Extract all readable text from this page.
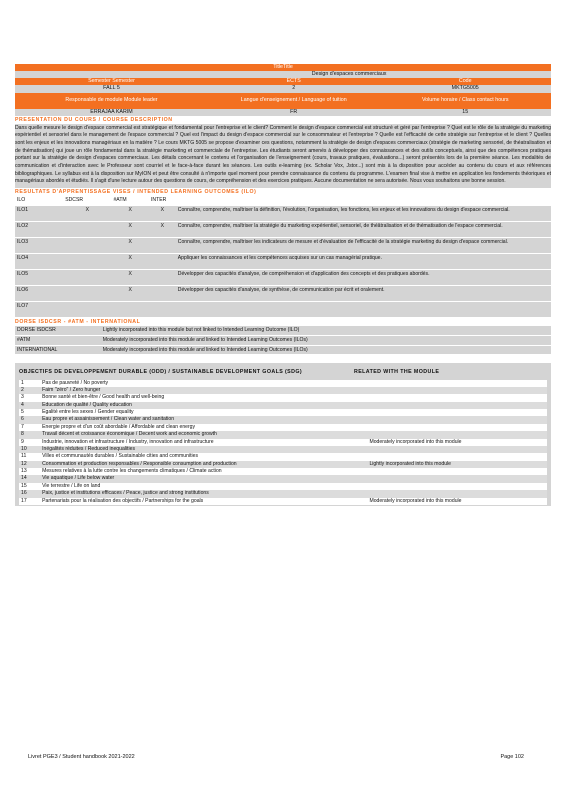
TitleTitle
Design d'espaces commerciaux
Semester Semester	ECTS	Code
FALL 5	2	MKTG5005
Responsable de module Module leader	Langue d'enseignement / Language of tuition	Volume horaire / Class contact hours
ERRAJAA KARIM	FR	15
PRESENTATION DU COURS / COURSE DESCRIPTION
Dans quelle mesure le design d'espace commercial est stratégique et fondamental pour l'entreprise et le client? Comment le design d'espace commercial est structuré et géré par l'entreprise ? Quel est le rôle de la stratégie du marketing expérientiel et sensoriel dans le management de l'espace commercial ? Quel est l'impact du design d'espace commercial sur le consommateur et l'entreprise ? Quelle est l'efficacité de cette stratégie sur l'entreprise et le client ? Quelles sont les enjeux et les innovations managériaux en la matière ? Le cours MKTG 5005 se propose d'examiner ces questions, notamment la stratégie de design d'espaces commerciaux (stratégie de marketing sensoriel, de théatralisation et de thématisation) qui joue un rôle fondamental dans la stratégie marketing et commerciale de l'entreprise. Les étudiants seront amenés à développer des connaissances et des outils conceptuels, ainsi que des compétences pratiques portant sur la stratégie de design d'espaces commerciaux. Les détails concernant le contenu et l'organisation de l'enseignement (cours, travaux pratiques, évaluations...) seront présentés lors de la première séance. Les modalités de communication et d'interaction avec le Professeur sont courriel et le face-à-face durant les séances. Les outils e-learning (ex. Scholar Vox, Jstor...) sont mis à la disposition pour accéder au contenu du cours et aux références bibliographiques. Le syllabus est à la disposition sur MyION et peut être consulté à n'importe quel moment pour prendre connaissance du contenu du programme. L'examen final vise à mettre en application les fondements théoriques et managériaux abordés et étudiés. Il s'agit d'une lecture autour des questions de cours, de compréhension et des exercices pratiques. Aucune documentation ne sera autorisée. Nous vous souhaitons une bonne session.
RESULTATS D'APPRENTISSAGE VISES / INTENDED LEARNING OUTCOMES (ILO)
ILO	SDCSR	#ATM	INTER	
ILO1	X	X	X	Connaître, comprendre, maîtriser la définition, l'évolution, l'organisation, les fonctions, les enjeux et les innovations du design d'espace commercial.
ILO2		X	X	Connaître, comprendre, maîtriser la stratégie du marketing expérientiel, sensoriel, de théâtralisation et de thématisation de l'espace commercial.
ILO3		X		Connaître, comprendre, maîtriser les indicateurs de mesure et d'évaluation de l'efficacité de la stratégie marketing du design d'espace commercial.
ILO4		X		Appliquer les connaissances et les compétences acquises sur un cas managérial pratique.
ILO5		X		Développer des capacités d'analyse, de compréhension et d'application des concepts et des pratiques abordés.
ILO6		X		Développer des capacités d'analyse, de synthèse, de communication par écrit et oralement.
ILO7				
DORSE ISDCSR - #ATM - INTERNATIONAL
DORSE ISDCSR	Lightly incorporated into this module but not linked to Intended Learning Outcome (ILO)
#ATM	Moderately incorporated into this module and linked to Intended Learning Outcomes (ILOs)
INTERNATIONAL	Moderately incorporated into this module and linked to Intended Learning Outcomes (ILOs)
OBJECTIFS DE DEVELOPPEMENT DURABLE (ODD) / SUSTAINABLE DEVELOPMENT GOALS (SDG)	RELATED WITH THE MODULE
1	Pas de pauvreté / No poverty	
2	Faim "zéro" / Zero hunger	
3	Bonne santé et bien-être / Good health and well-being	
4	Education de qualité / Quality education	
5	Egalité entre les sexes / Gender equality	
6	Eau propre et assainissement / Clean water and sanitation	
7	Energie propre et d'un coût abordable / Affordable and clean energy	
8	Travail décent et croissance économique / Decent work and economic growth	
9	Industrie, innovation et infrastructure / Industry, innovation and infrastructure	Moderately incorporated into this module
10	Inégalités réduites / Reduced inequalities	
11	Villes et communautés durables / Sustainable cities and communities	
12	Consommation et production responsables / Responsible consumption and production	Lightly incorporated into this module
13	Mesures relatives à la lutte contre les changements climatiques / Climate action	
14	Vie aquatique / Life below water	
15	Vie terrestre / Life on land	
16	Paix, justice et institutions efficaces / Peace, justice and strong institutions	
17	Partenariats pour la réalisation des objectifs / Partnerships for the goals	Moderately incorporated into this module
Livret PGE3 / Student handbook 2021-2022	Page 102
